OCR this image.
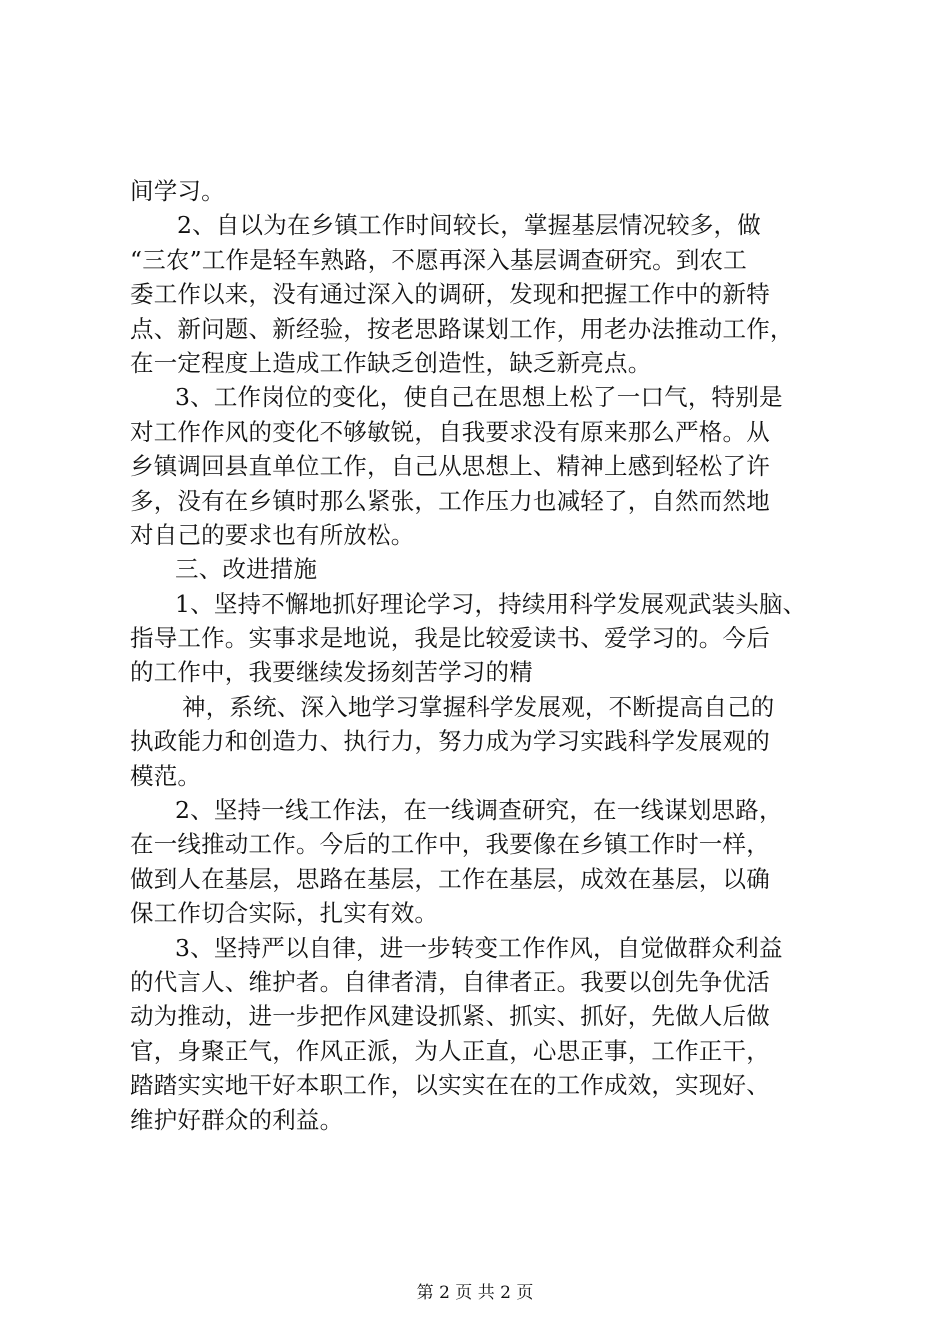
间学习。
2、自以为在乡镇工作时间较长，掌握基层情况较多，做
“三农”工作是轻车熟路，不愿再深入基层调查研究。到农工
委工作以来，没有通过深入的调研，发现和把握工作中的新特
点、新问题、新经验，按老思路谋划工作，用老办法推动工作，
在一定程度上造成工作缺乏创造性，缺乏新亮点。
3、工作岗位的变化，使自己在思想上松了一口气，特别是
对工作作风的变化不够敏锐，自我要求没有原来那么严格。从
乡镇调回县直单位工作，自己从思想上、精神上感到轻松了许
多，没有在乡镇时那么紧张，工作压力也减轻了，自然而然地
对自己的要求也有所放松。
三、改进措施
1、坚持不懈地抓好理论学习，持续用科学发展观武装头脑、
指导工作。实事求是地说，我是比较爱读书、爱学习的。今后
的工作中，我要继续发扬刻苦学习的精
神，系统、深入地学习掌握科学发展观，不断提高自己的
执政能力和创造力、执行力，努力成为学习实践科学发展观的
模范。
2、坚持一线工作法，在一线调查研究，在一线谋划思路，
在一线推动工作。今后的工作中，我要像在乡镇工作时一样，
做到人在基层，思路在基层，工作在基层，成效在基层，以确
保工作切合实际，扎实有效。
3、坚持严以自律，进一步转变工作作风，自觉做群众利益
的代言人、维护者。自律者清，自律者正。我要以创先争优活
动为推动，进一步把作风建设抓紧、抓实、抓好，先做人后做
官，身聚正气，作风正派，为人正直，心思正事，工作正干，
踏踏实实地干好本职工作，以实实在在的工作成效，实现好、
维护好群众的利益。
第 2 页 共 2 页
